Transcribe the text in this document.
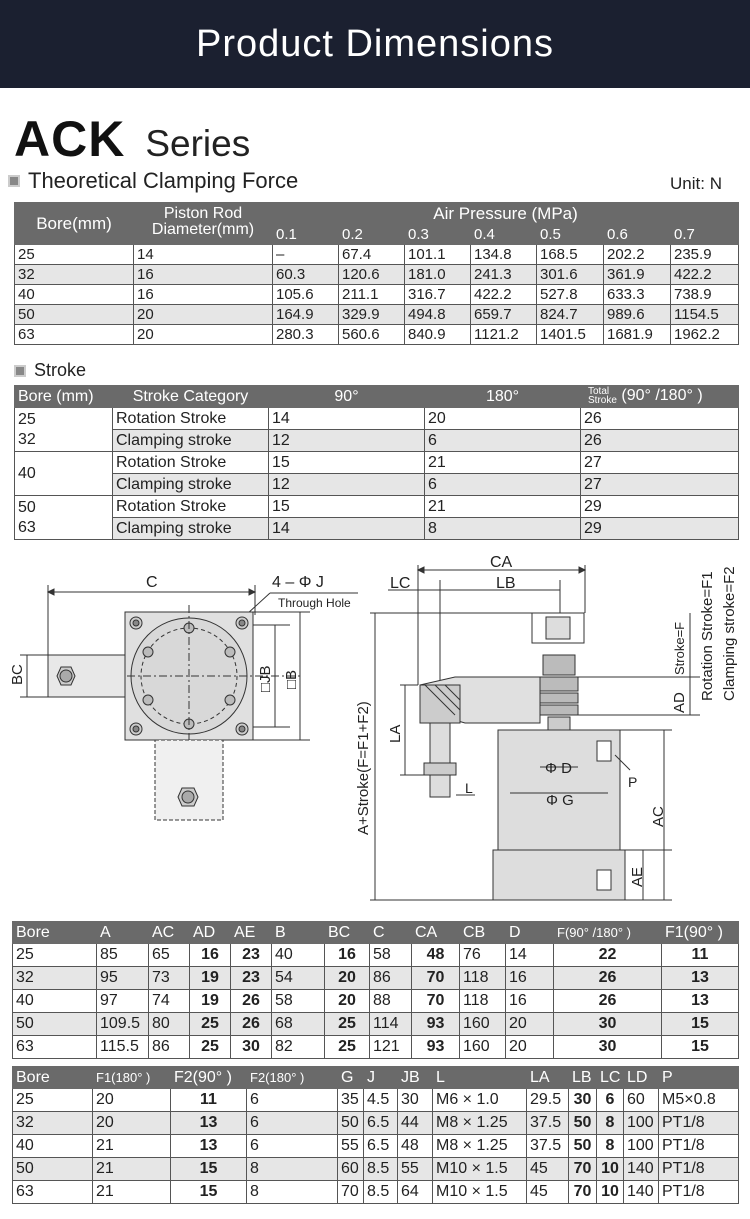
Product Dimensions
ACK Series
Theoretical Clamping Force	Unit: N
Bore(mm)	Piston Rod
Diameter(mm)	Air Pressure (MPa)						
		0.1	0.2	0.3	0.4	0.5	0.6	0.7
25	14	–	67.4	101.1	134.8	168.5	202.2	235.9
32	16	60.3	120.6	181.0	241.3	301.6	361.9	422.2
40	16	105.6	211.1	316.7	422.2	527.8	633.3	738.9
50	20	164.9	329.9	494.8	659.7	824.7	989.6	1154.5
63	20	280.3	560.6	840.9	1121.2	1401.5	1681.9	1962.2
Stroke
Bore (mm)	Stroke Category	90°	180°	Total
Stroke (90° /180° )

25
32	Rotation Stroke	14	20	26
	Clamping stroke	12	6	26

40	Rotation Stroke	15	21	27
	Clamping stroke	12	6	27

50
63	Rotation Stroke	15	21	29
	Clamping stroke	14	8	29
C	4 – Φ J
Through Hole
BC	□JB □B
CA
LC	LB
Φ D
Φ G
P
L
LA
A+Stroke(F=F1+F2)	AC
AE
AD
Stroke=F Rotation Stroke=F1 Clamping stroke=F2
Bore	A	AC	AD	AE	B	BC	C	CA	CB	D	F(90° /180° )	F1(90° )
25	85	65	16	23	40	16	58	48	76	14	22	11
32	95	73	19	23	54	20	86	70	118	16	26	13
40	97	74	19	26	58	20	88	70	118	16	26	13
50	109.5	80	25	26	68	25	114	93	160	20	30	15
63	115.5	86	25	30	82	25	121	93	160	20	30	15
Bore	F1(180° )	F2(90° )	F2(180° )	G	J	JB	L	LA	LB	LC	LD	P
25	20	11	6	35	4.5	30	M6 × 1.0	29.5	30	6	60	M5×0.8
32	20	13	6	50	6.5	44	M8 × 1.25	37.5	50	8	100	PT1/8
40	21	13	6	55	6.5	48	M8 × 1.25	37.5	50	8	100	PT1/8
50	21	15	8	60	8.5	55	M10 × 1.5	45	70	10	140	PT1/8
63	21	15	8	70	8.5	64	M10 × 1.5	45	70	10	140	PT1/8
